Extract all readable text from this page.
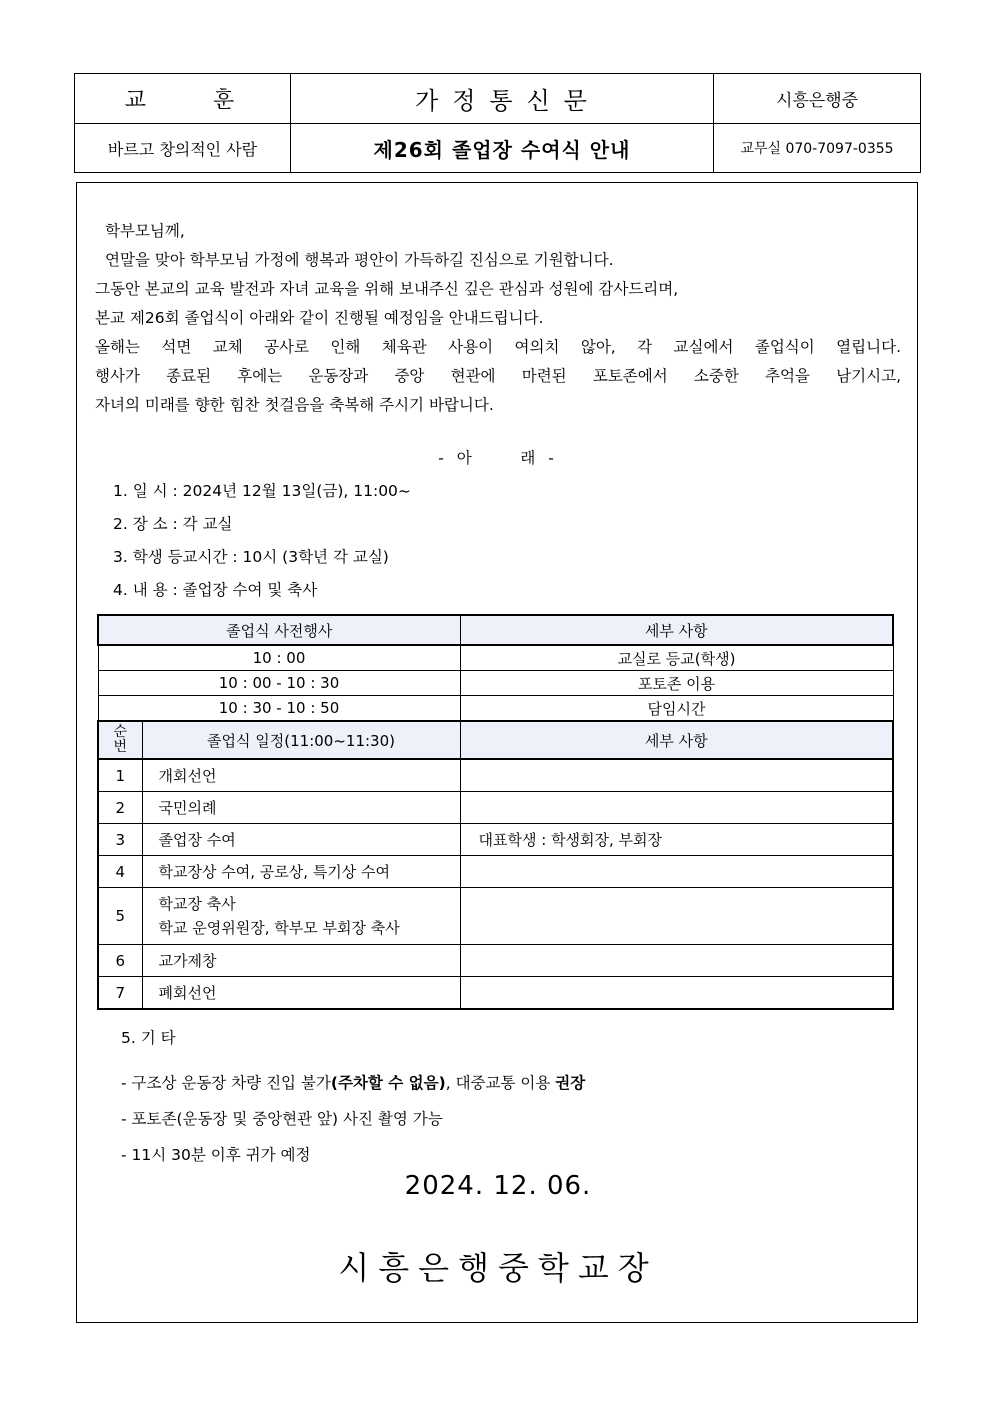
교 훈	가정통신문	시흥은행중
바르고 창의적인 사람	제26회 졸업장 수여식 안내	교무실 070-7097-0355

학부모님께,

연말을 맞아 학부모님 가정에 행복과 평안이 가득하길 진심으로 기원합니다.

그동안 본교의 교육 발전과 자녀 교육을 위해 보내주신 깊은 관심과 성원에 감사드리며,

본교 제26회 졸업식이 아래와 같이 진행될 예정임을 안내드립니다.

올해는 석면 교체 공사로 인해 체육관 사용이 여의치 않아, 각 교실에서 졸업식이 열립니다.

행사가 종료된 후에는 운동장과 중앙 현관에 마련된 포토존에서 소중한 추억을 남기시고,

자녀의 미래를 향한 힘찬 첫걸음을 축복해 주시기 바랍니다.

- 아     래 -
1. 일 시 : 2024년 12월 13일(금), 11:00~
2. 장 소 : 각 교실
3. 학생 등교시간 : 10시 (3학년 각 교실)
4. 내 용 : 졸업장 수여 및 축사
졸업식 사전행사		세부 사항
10 : 00		교실로 등교(학생)
10 : 00 - 10 : 30		포토존 이용
10 : 30 - 10 : 50		담임시간
순번	졸업식 일정(11:00~11:30)	세부 사항
1	개회선언	
2	국민의례	
3	졸업장 수여	대표학생 : 학생회장, 부회장
4	학교장상 수여, 공로상, 특기상 수여	
5	학교장 축사
학교 운영위원장, 학부모 부회장 축사	

6	교가제창	
7	폐회선언	
5. 기 타
- 구조상 운동장 차량 진입 불가(주차할 수 없음), 대중교통 이용 권장
- 포토존(운동장 및 중앙현관 앞) 사진 촬영 가능
- 11시 30분 이후 귀가 예정
2024. 12. 06.
시흥은행중학교장
